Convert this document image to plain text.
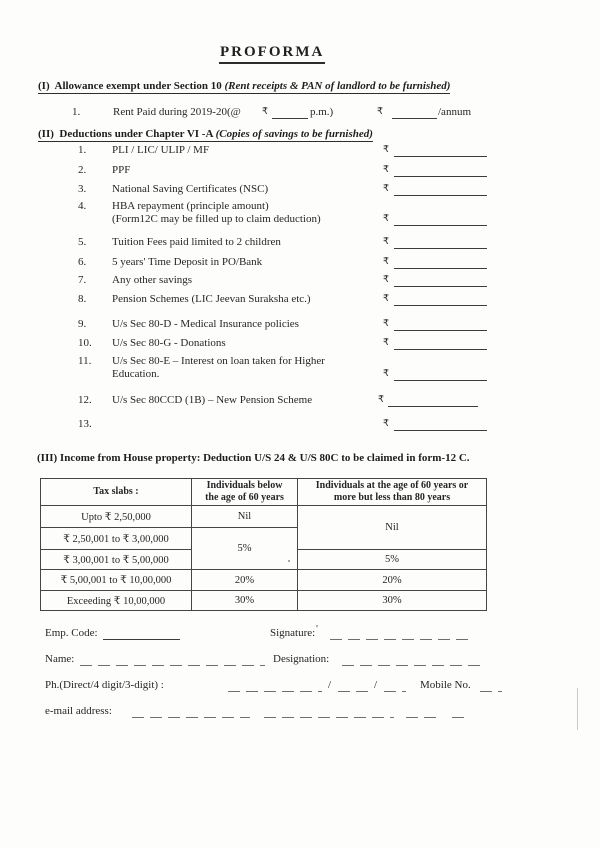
PROFORMA
(I)  Allowance exempt under Section 10 (Rent receipts & PAN of landlord to be furnished)
1.	Rent Paid during 2019-20(@ ₹	p.m.)	₹	/annum
(II)  Deductions under Chapter VI -A (Copies of savings to be furnished)
1. PLI / LIC/ ULIP / MF	₹
2. PPF	₹
3. National Saving Certificates (NSC)	₹
4. HBA repayment (principle amount)
(Form12C may be filled up to claim deduction)	₹
5. Tuition Fees paid limited to 2 children	₹
6. 5 years' Time Deposit in PO/Bank	₹
7. Any other savings	₹
8. Pension Schemes (LIC Jeevan Suraksha etc.)	₹
9. U/s Sec 80-D - Medical Insurance policies	₹
10. U/s Sec 80-G - Donations	₹
11. U/s Sec 80-E – Interest on loan taken for Higher
Education.	₹
12. U/s Sec 80CCD (1B) – New Pension Scheme	₹
13.	₹
(III) Income from House property: Deduction U/S 24 & U/S 80C to be claimed in form-12 C.
Tax slabs :

Individuals below
the age of 60 years

Individuals at the age of 60 years or
more but less than 80 years

Upto ₹ 2,50,000	Nil	Nil
₹ 2,50,001 to ₹ 3,00,000	5%	
₹ 3,00,001 to ₹ 5,00,000		5%
₹ 5,00,001 to ₹ 10,00,000	20%	20%
Exceeding ₹ 10,00,000	30%	30%
Emp. Code:	Signature: '
Name:	Designation:
Ph.(Direct/4 digit/3-digit) :	/	/	Mobile No.
e-mail address:
